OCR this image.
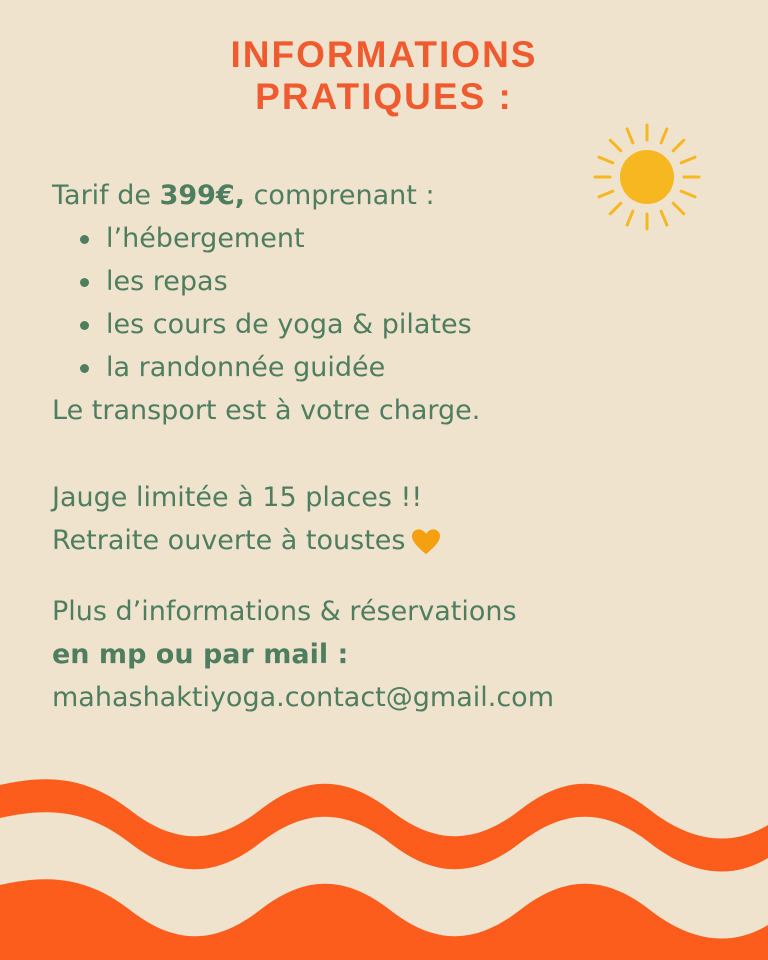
INFORMATIONS
PRATIQUES :
Tarif de 399€, comprenant :
l’hébergement
les repas
les cours de yoga & pilates
la randonnée guidée
Le transport est à votre charge.
Jauge limitée à 15 places !!
Retraite ouverte à toustes
Plus d’informations & réservations
en mp ou par mail :
mahashaktiyoga.contact@gmail.com
